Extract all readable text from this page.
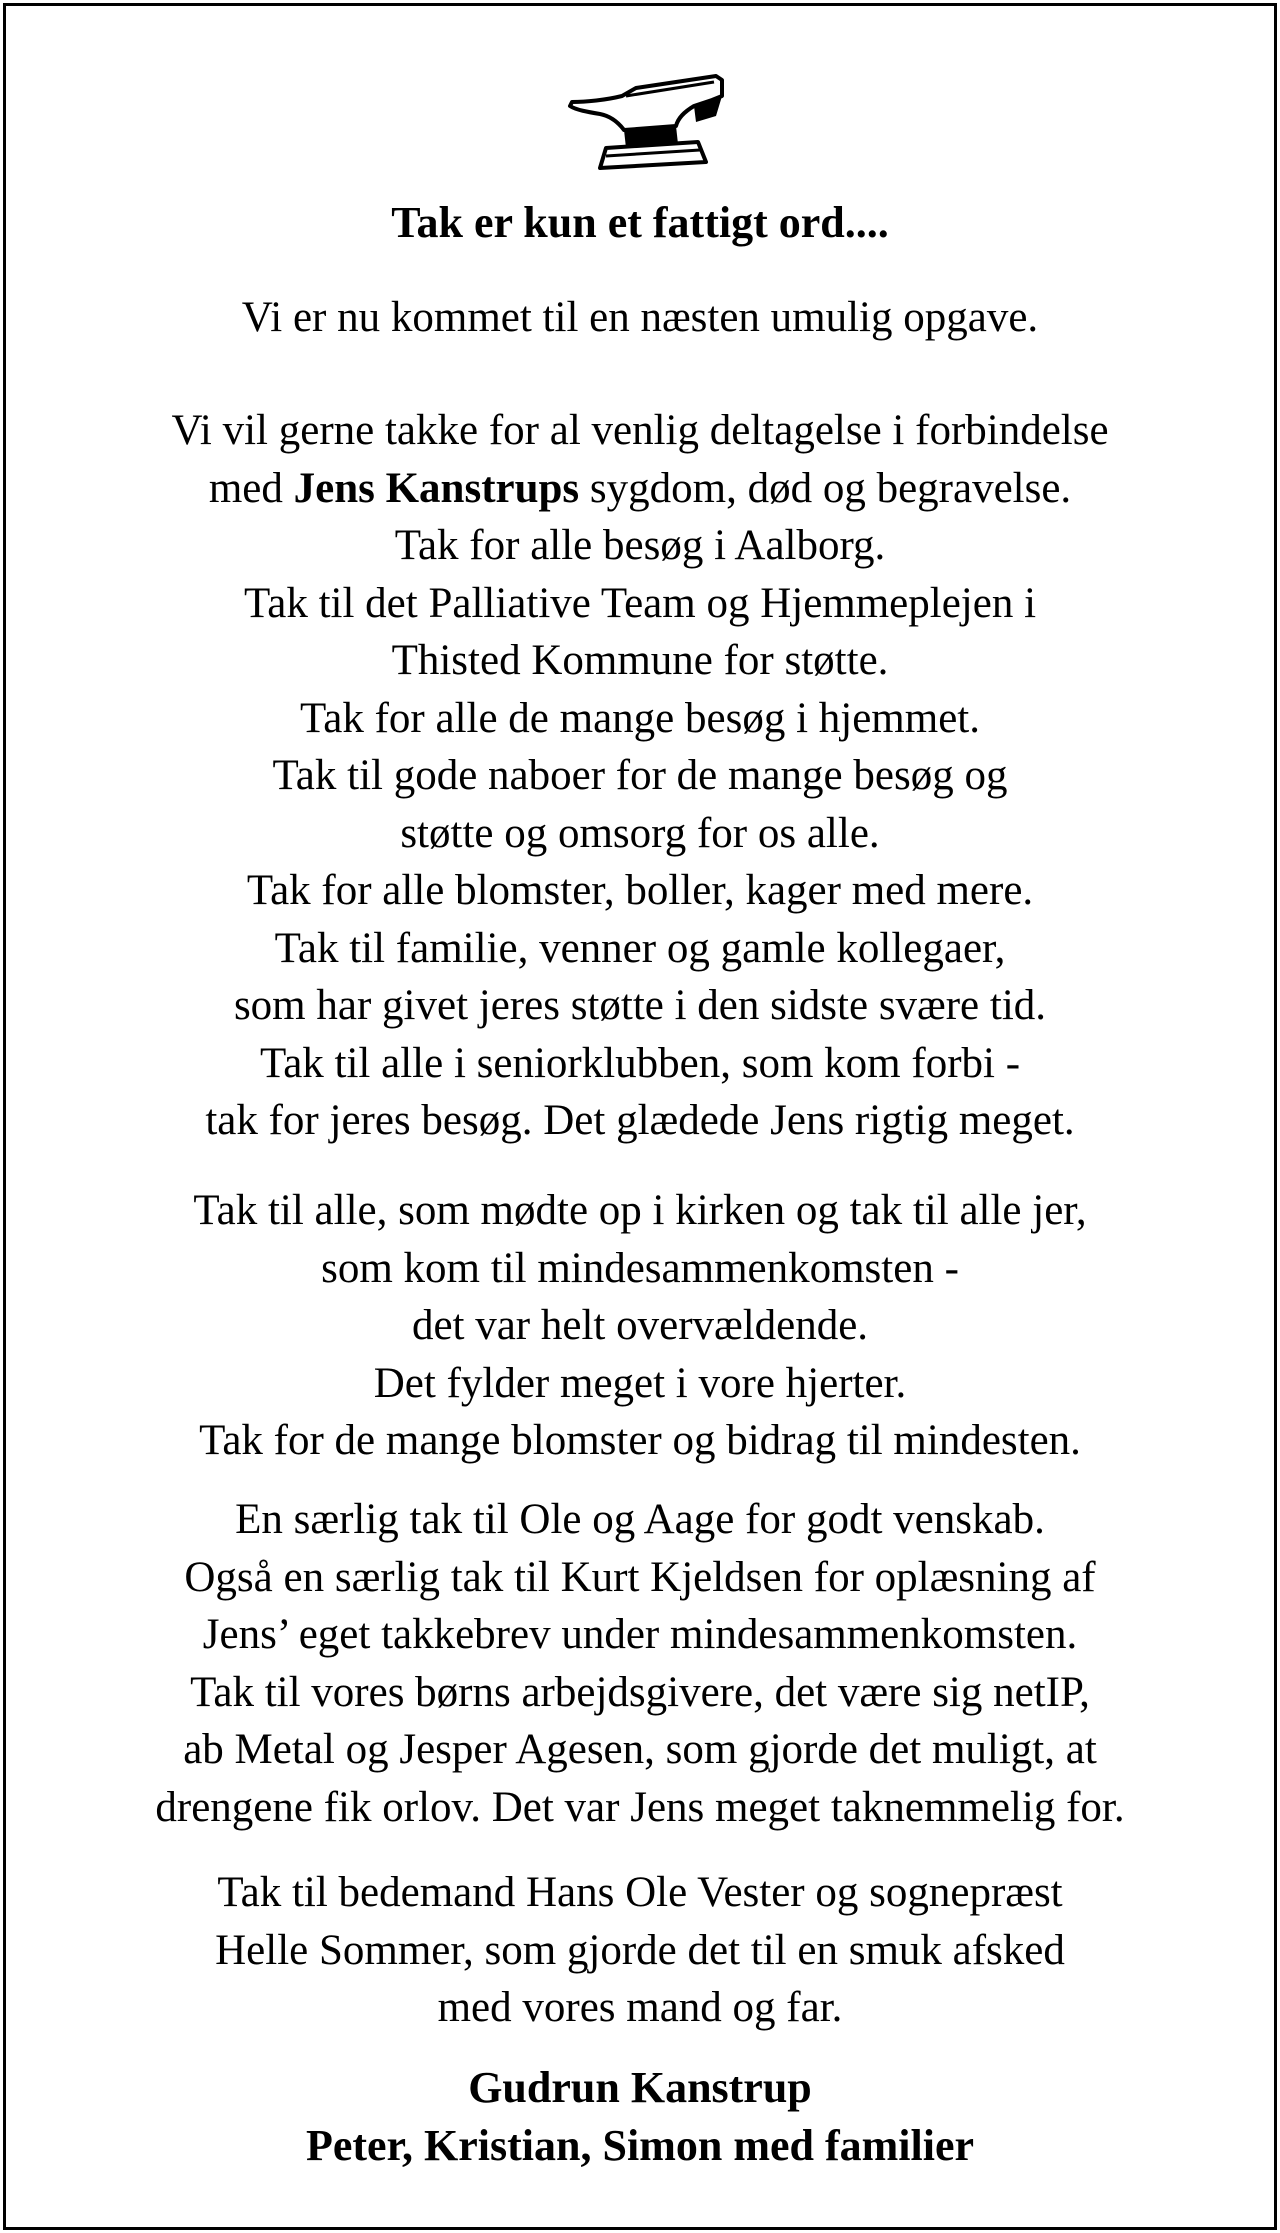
Tak er kun et fattigt ord....
Vi er nu kommet til en næsten umulig opgave.
Vi vil gerne takke for al venlig deltagelse i forbindelse
med Jens Kanstrups sygdom, død og begravelse.
Tak for alle besøg i Aalborg.
Tak til det Palliative Team og Hjemmeplejen i
Thisted Kommune for støtte.
Tak for alle de mange besøg i hjemmet.
Tak til gode naboer for de mange besøg og
støtte og omsorg for os alle.
Tak for alle blomster, boller, kager med mere.
Tak til familie, venner og gamle kollegaer,
som har givet jeres støtte i den sidste svære tid.
Tak til alle i seniorklubben, som kom forbi -
tak for jeres besøg. Det glædede Jens rigtig meget.
Tak til alle, som mødte op i kirken og tak til alle jer,
som kom til mindesammenkomsten -
det var helt overvældende.
Det fylder meget i vore hjerter.
Tak for de mange blomster og bidrag til mindesten.
En særlig tak til Ole og Aage for godt venskab.
Også en særlig tak til Kurt Kjeldsen for oplæsning af
Jens’ eget takkebrev under mindesammenkomsten.
Tak til vores børns arbejdsgivere, det være sig netIP,
ab Metal og Jesper Agesen, som gjorde det muligt, at
drengene fik orlov. Det var Jens meget taknemmelig for.
Tak til bedemand Hans Ole Vester og sognepræst
Helle Sommer, som gjorde det til en smuk afsked
med vores mand og far.
Gudrun Kanstrup
Peter, Kristian, Simon med familier
